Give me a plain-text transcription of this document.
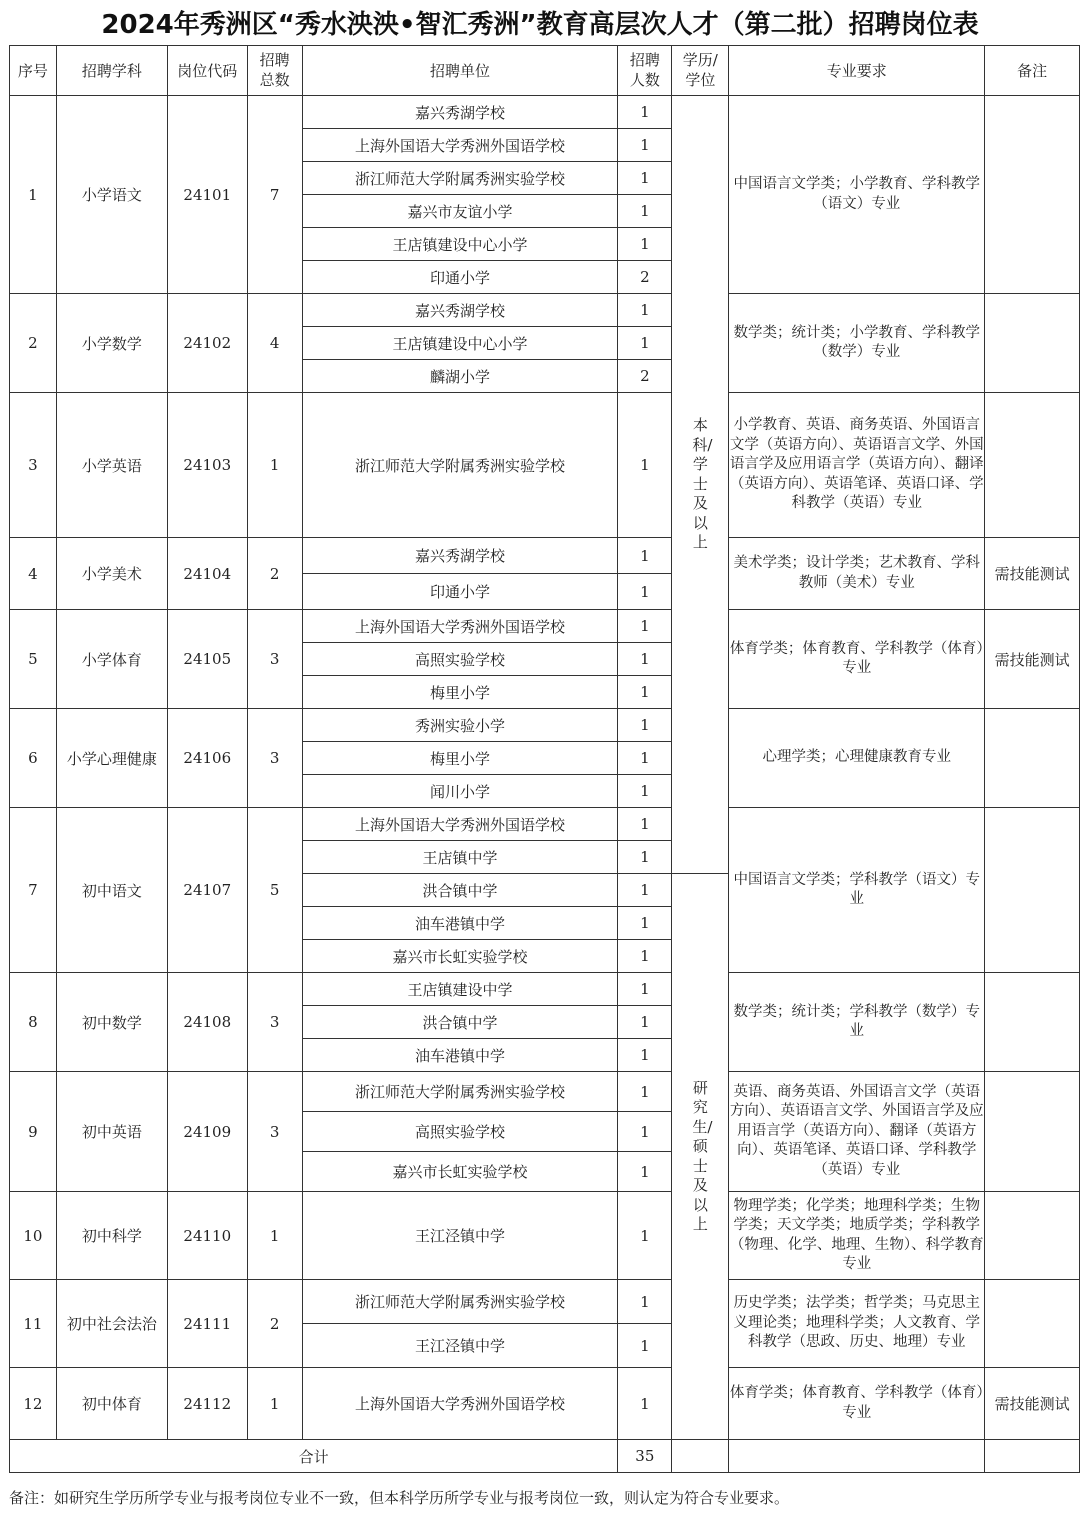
2024年秀洲区“秀水泱泱•智汇秀洲”教育高层次人才（第二批）招聘岗位表
序号	招聘学科	岗位代码	招聘总数	招聘单位	招聘人数	学历/学位	专业要求	备注
1	小学语文	24101	7	嘉兴秀湖学校	1	本科/学士及以上	中国语言文学类；小学教育、学科教学（语文）专业	
				上海外国语大学秀洲外国语学校	1			
				浙江师范大学附属秀洲实验学校	1			
				嘉兴市友谊小学	1			
				王店镇建设中心小学	1			
				印通小学	2			
2	小学数学	24102	4	嘉兴秀湖学校	1		数学类；统计类；小学教育、学科教学（数学）专业	
				王店镇建设中心小学	1			
				麟湖小学	2			
3	小学英语	24103	1	浙江师范大学附属秀洲实验学校	1		小学教育、英语、商务英语、外国语言文学（英语方向）、英语语言文学、外国语言学及应用语言学（英语方向）、翻译（英语方向）、英语笔译、英语口译、学科教学（英语）专业	
4	小学美术	24104	2	嘉兴秀湖学校	1		美术学类；设计学类；艺术教育、学科教师（美术）专业	需技能测试
				印通小学	1			
5	小学体育	24105	3	上海外国语大学秀洲外国语学校	1		体育学类；体育教育、学科教学（体育）专业	需技能测试
				高照实验学校	1			
				梅里小学	1			
6	小学心理健康	24106	3	秀洲实验小学	1		心理学类；心理健康教育专业	
				梅里小学	1			
				闻川小学	1			
7	初中语文	24107	5	上海外国语大学秀洲外国语学校	1		中国语言文学类；学科教学（语文）专业	
				王店镇中学	1			
				洪合镇中学	1	研究生/硕士及以上		
				油车港镇中学	1			
				嘉兴市长虹实验学校	1			
8	初中数学	24108	3	王店镇建设中学	1		数学类；统计类；学科教学（数学）专业	
				洪合镇中学	1			
				油车港镇中学	1			
9	初中英语	24109	3	浙江师范大学附属秀洲实验学校	1		英语、商务英语、外国语言文学（英语方向）、英语语言文学、外国语言学及应用语言学（英语方向）、翻译（英语方向）、英语笔译、英语口译、学科教学（英语）专业	
				高照实验学校	1			
				嘉兴市长虹实验学校	1			
10	初中科学	24110	1	王江泾镇中学	1		物理学类；化学类；地理科学类；生物学类；天文学类；地质学类；学科教学（物理、化学、地理、生物）、科学教育专业	
11	初中社会法治	24111	2	浙江师范大学附属秀洲实验学校	1		历史学类；法学类；哲学类；马克思主义理论类；地理科学类；人文教育、学科教学（思政、历史、地理）专业	
				王江泾镇中学	1			
12	初中体育	24112	1	上海外国语大学秀洲外国语学校	1		体育学类；体育教育、学科教学（体育）专业	需技能测试
合计					35			
备注：如研究生学历所学专业与报考岗位专业不一致，但本科学历所学专业与报考岗位一致，则认定为符合专业要求。
